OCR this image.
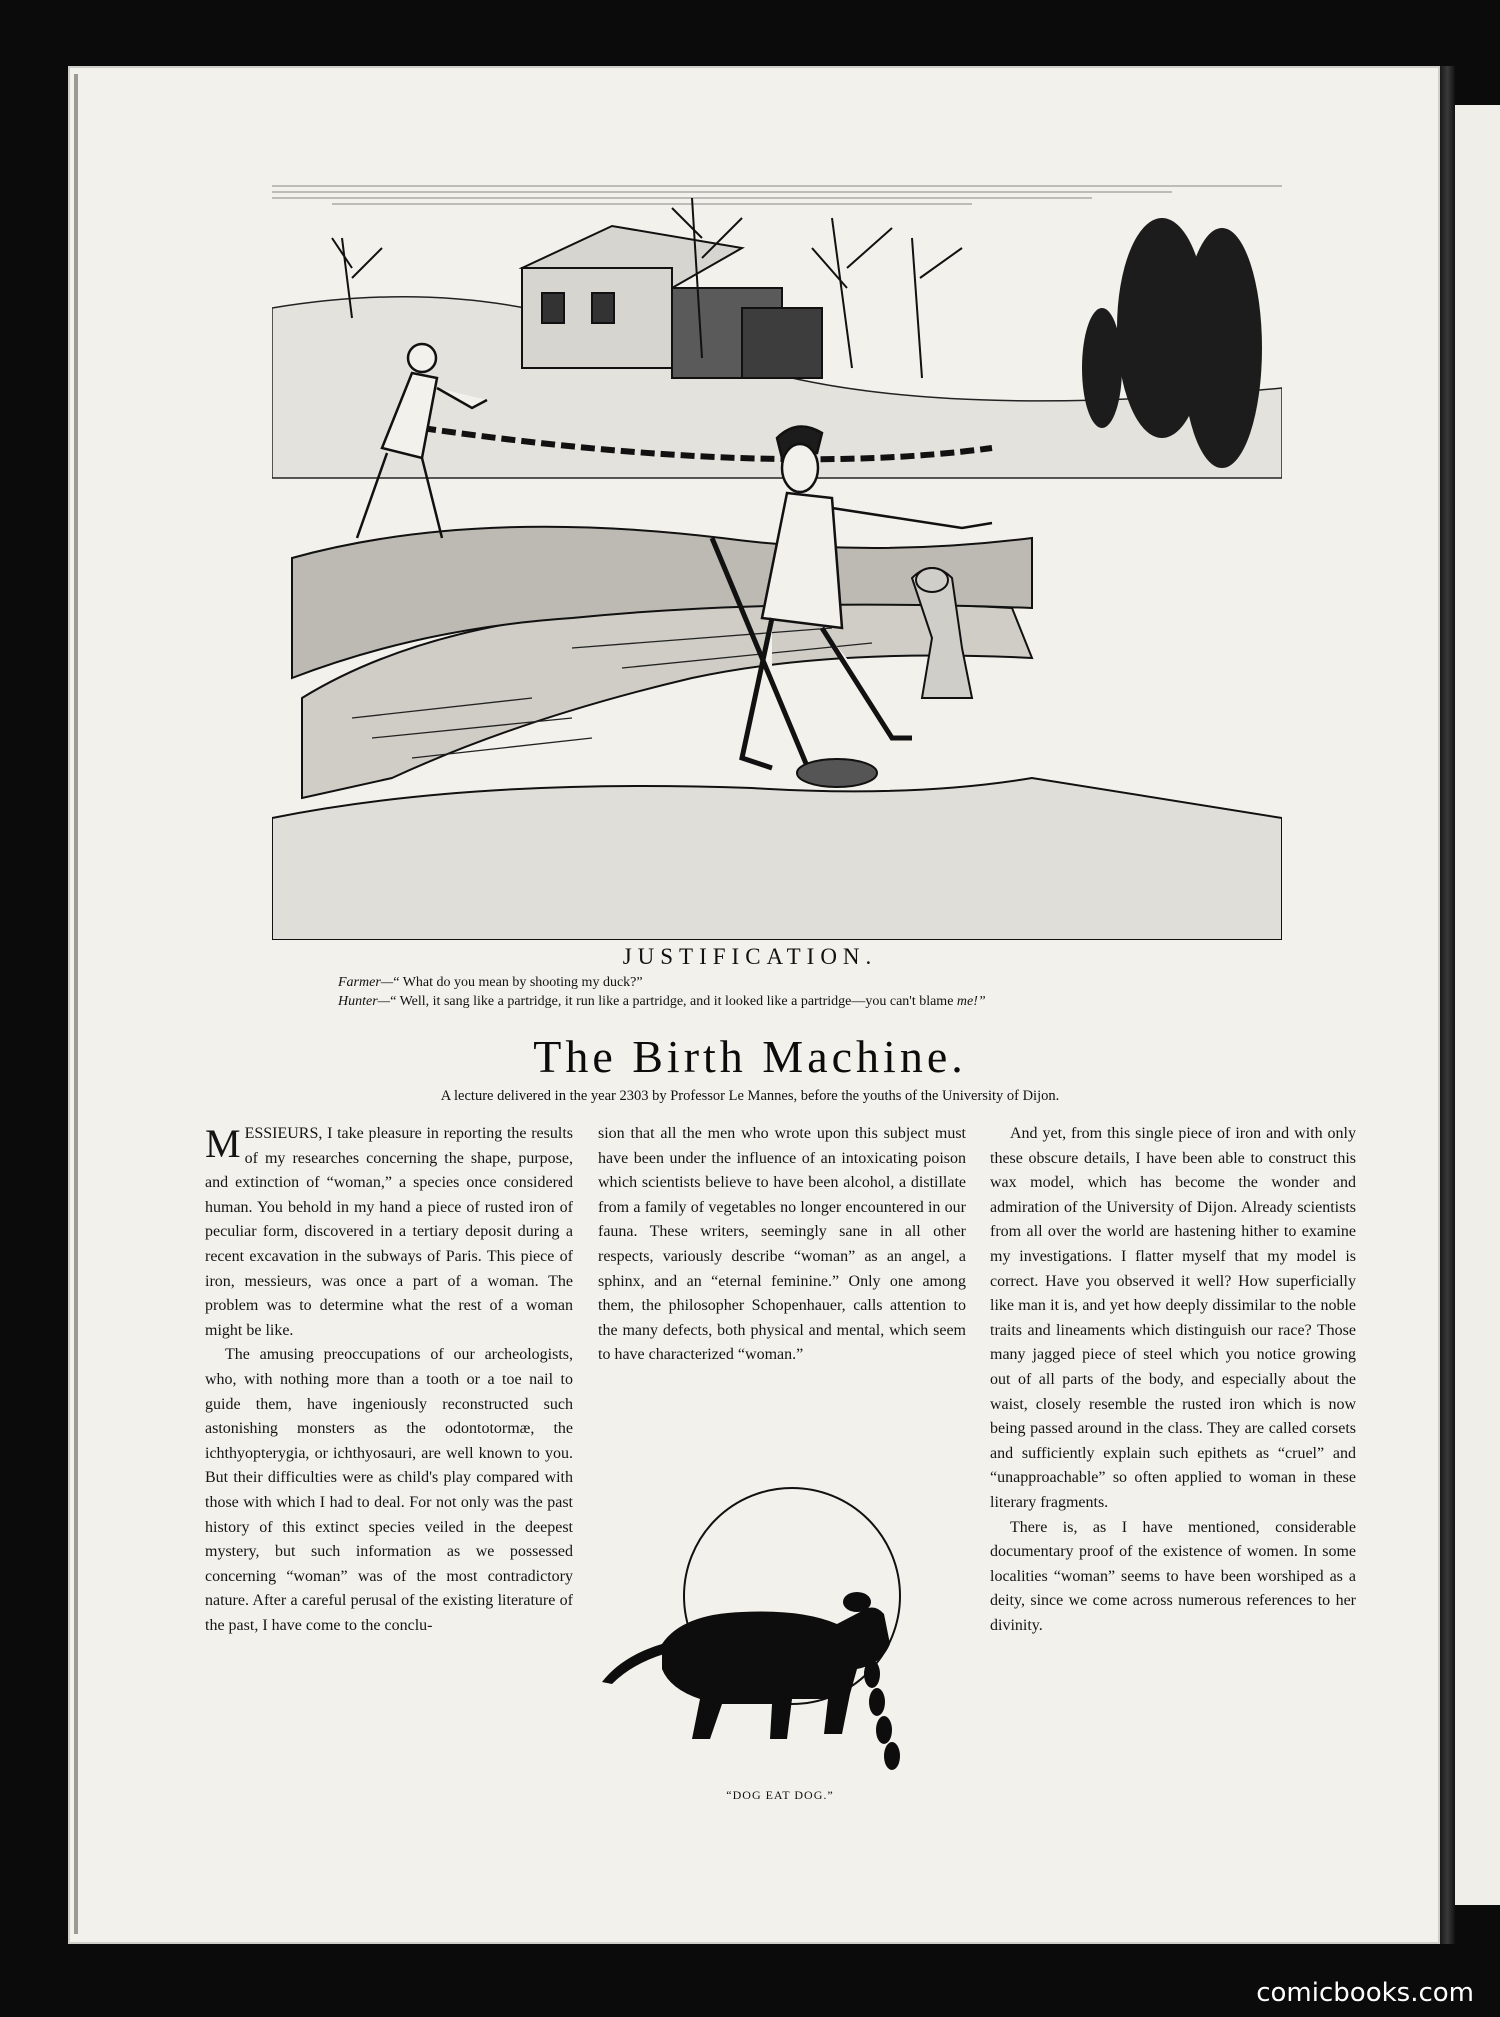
JUSTIFICATION.
Farmer—“ What do you mean by shooting my duck?”
Hunter—“ Well, it sang like a partridge, it run like a partridge, and it looked like a partridge—you can't blame me!”
The Birth Machine.
A lecture delivered in the year 2303 by Professor Le Mannes, before the youths of the University of Dijon.

MESSIEURS, I take pleasure in reporting the results of my researches concerning the shape, purpose, and extinction of “woman,” a species once considered human. You behold in my hand a piece of rusted iron of peculiar form, discovered in a tertiary deposit during a recent excavation in the subways of Paris. This piece of iron, messieurs, was once a part of a woman. The problem was to determine what the rest of a woman might be like.

The amusing preoccupations of our archeologists, who, with nothing more than a tooth or a toe nail to guide them, have ingeniously reconstructed such astonishing monsters as the odontotormæ, the ichthyopterygia, or ichthyosauri, are well known to you. But their difficulties were as child's play compared with those with which I had to deal. For not only was the past history of this extinct species veiled in the deepest mystery, but such information as we possessed concerning “woman” was of the most contradictory nature. After a careful perusal of the existing literature of the past, I have come to the conclu-

sion that all the men who wrote upon this subject must have been under the influence of an intoxicating poison which scientists believe to have been alcohol, a distillate from a family of vegetables no longer encountered in our fauna. These writers, seemingly sane in all other respects, variously describe “woman” as an angel, a sphinx, and an “eternal feminine.” Only one among them, the philosopher Schopenhauer, calls attention to the many defects, both physical and mental, which seem to have characterized “woman.”

“DOG EAT DOG.”

And yet, from this single piece of iron and with only these obscure details, I have been able to construct this wax model, which has become the wonder and admiration of the University of Dijon. Already scientists from all over the world are hastening hither to examine my investigations. I flatter myself that my model is correct. Have you observed it well? How superficially like man it is, and yet how deeply dissimilar to the noble traits and lineaments which distinguish our race? Those many jagged piece of steel which you notice growing out of all parts of the body, and especially about the waist, closely resemble the rusted iron which is now being passed around in the class. They are called corsets and sufficiently explain such epithets as “cruel” and “unapproachable” so often applied to woman in these literary fragments.

There is, as I have mentioned, considerable documentary proof of the existence of women. In some localities “woman” seems to have been worshiped as a deity, since we come across numerous references to her divinity.

comicbooks.com
